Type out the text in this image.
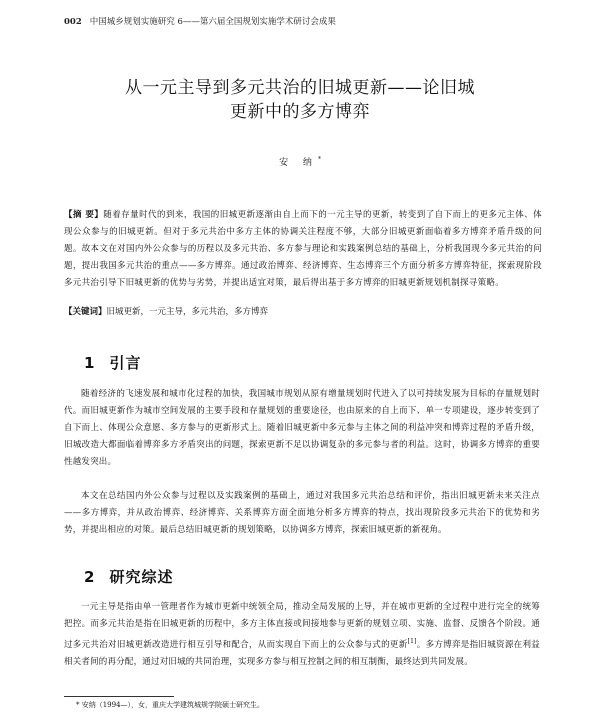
002 中国城乡规划实施研究 6——第六届全国规划实施学术研讨会成果
从一元主导到多元共治的旧城更新——论旧城
更新中的多方博弈
安 纳*
【摘 要】随着存量时代的到来，我国的旧城更新逐渐由自上而下的一元主导的更新，转变到了自下而上的更多元主体、体现公众参与的旧城更新。但对于多元共治中多方主体的协调关注程度不够，大部分旧城更新面临着多方博弈矛盾升级的问题。故本文在对国内外公众参与的历程以及多元共治、多方参与理论和实践案例总结的基础上，分析我国现今多元共治的问题，提出我国多元共治的重点——多方博弈。通过政治博弈、经济博弈、生态博弈三个方面分析多方博弈特征，探索现阶段多元共治引导下旧城更新的优势与劣势，并提出适宜对策，最后得出基于多方博弈的旧城更新规划机制探寻策略。
【关键词】旧城更新，一元主导，多元共治，多方博弈
1 引言

随着经济的飞速发展和城市化过程的加快，我国城市规划从原有增量规划时代进入了以可持续发展为目标的存量规划时代。而旧城更新作为城市空间发展的主要手段和存量规划的重要途径，也由原来的自上而下、单一专项建设，逐步转变到了自下而上、体现公众意愿、多方参与的更新形式上。随着旧城更新中多元参与主体之间的利益冲突和博弈过程的矛盾升级，旧城改造大都面临着博弈多方矛盾突出的问题，探索更新不足以协调复杂的多元参与者的利益。这时，协调多方博弈的重要性越发突出。

本文在总结国内外公众参与过程以及实践案例的基础上，通过对我国多元共治总结和评价，指出旧城更新未来关注点——多方博弈，并从政治博弈、经济博弈、关系博弈方面全面地分析多方博弈的特点，找出现阶段多元共治下的优势和劣势，并提出相应的对策。最后总结旧城更新的规划策略，以协调多方博弈，探索旧城更新的新视角。

2 研究综述

一元主导是指由单一管理者作为城市更新中统领全局，推动全局发展的上导，并在城市更新的全过程中进行完全的统筹把控。而多元共治是指在旧城更新的历程中，多方主体直接或间接地参与更新的规划立项、实施、监督、反馈各个阶段。通过多元共治对旧城更新改造进行相互引导和配合，从而实现自下而上的公众参与式的更新[1]。多方博弈是指旧城资源在利益相关者间的再分配，通过对旧城的共同治理，实现多方参与相互控制之间的相互制衡，最终达到共同发展。

* 安纳（1994—），女，重庆大学建筑城规学院硕士研究生。
